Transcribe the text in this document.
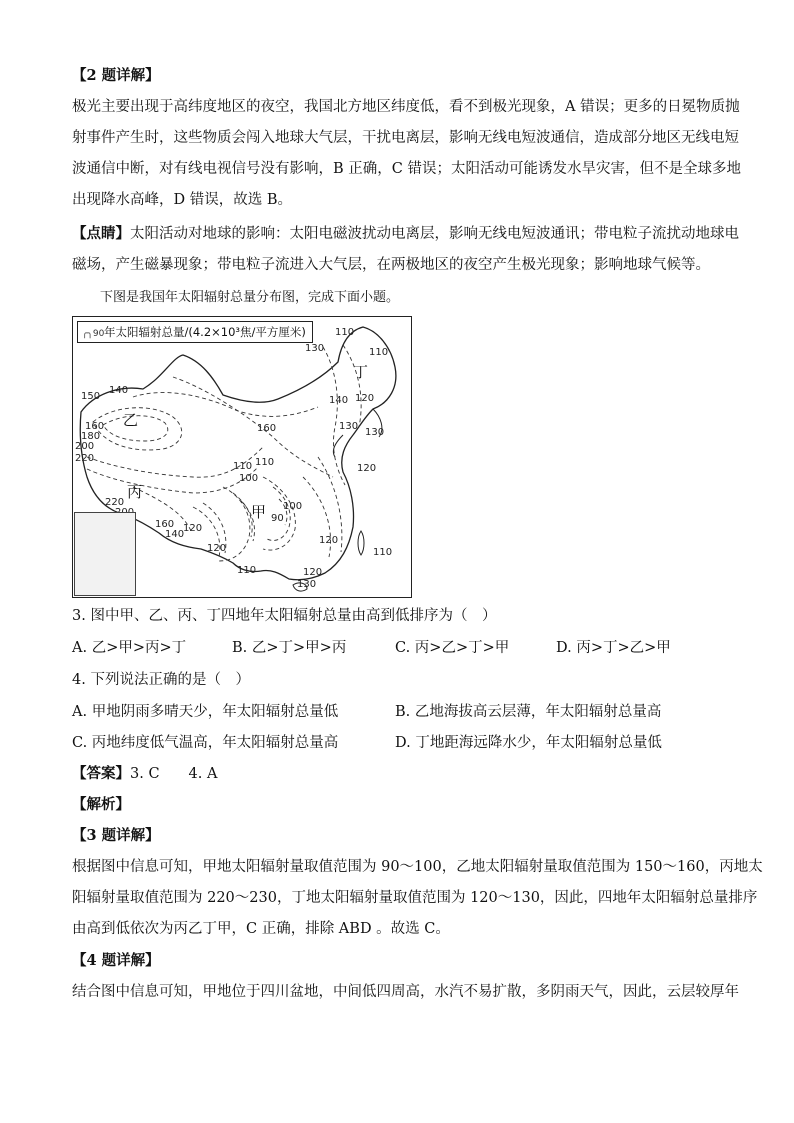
【2 题详解】
极光主要出现于高纬度地区的夜空，我国北方地区纬度低，看不到极光现象，A 错误；更多的日冕物质抛
射事件产生时，这些物质会闯入地球大气层，干扰电离层，影响无线电短波通信，造成部分地区无线电短
波通信中断，对有线电视信号没有影响，B 正确，C 错误；太阳活动可能诱发水旱灾害，但不是全球多地
出现降水高峰，D 错误，故选 B。
【点睛】太阳活动对地球的影响：太阳电磁波扰动电离层，影响无线电短波通讯；带电粒子流扰动地球电
磁场，产生磁暴现象；带电粒子流进入大气层，在两极地区的夜空产生极光现象；影响地球气候等。
下图是我国年太阳辐射总量分布图，完成下面小题。
╭╮90年太阳辐射总量/(4.2×10³焦/平方厘米)
乙
丙
甲
丁
110
130	110
120
140
150	140
160
160
180
200
220
220
160
140
120
110 110
100
90
100
120
130
120
110
110	120
130
130
120
3. 图中甲、乙、丙、丁四地年太阳辐射总量由高到低排序为（　）
A. 乙>甲>丙>丁	B. 乙>丁>甲>丙	C. 丙>乙>丁>甲	D. 丙>丁>乙>甲
4. 下列说法正确的是（　）
A. 甲地阴雨多晴天少，年太阳辐射总量低	B. 乙地海拔高云层薄，年太阳辐射总量高
C. 丙地纬度低气温高，年太阳辐射总量高	D. 丁地距海远降水少，年太阳辐射总量低
【答案】3. C　　4. A
【解析】
【3 题详解】
根据图中信息可知，甲地太阳辐射量取值范围为 90～100，乙地太阳辐射量取值范围为 150～160，丙地太
阳辐射量取值范围为 220～230，丁地太阳辐射量取值范围为 120～130，因此，四地年太阳辐射总量排序
由高到低依次为丙乙丁甲，C 正确，排除 ABD 。故选 C。
【4 题详解】
结合图中信息可知，甲地位于四川盆地，中间低四周高，水汽不易扩散，多阴雨天气，因此，云层较厚年
